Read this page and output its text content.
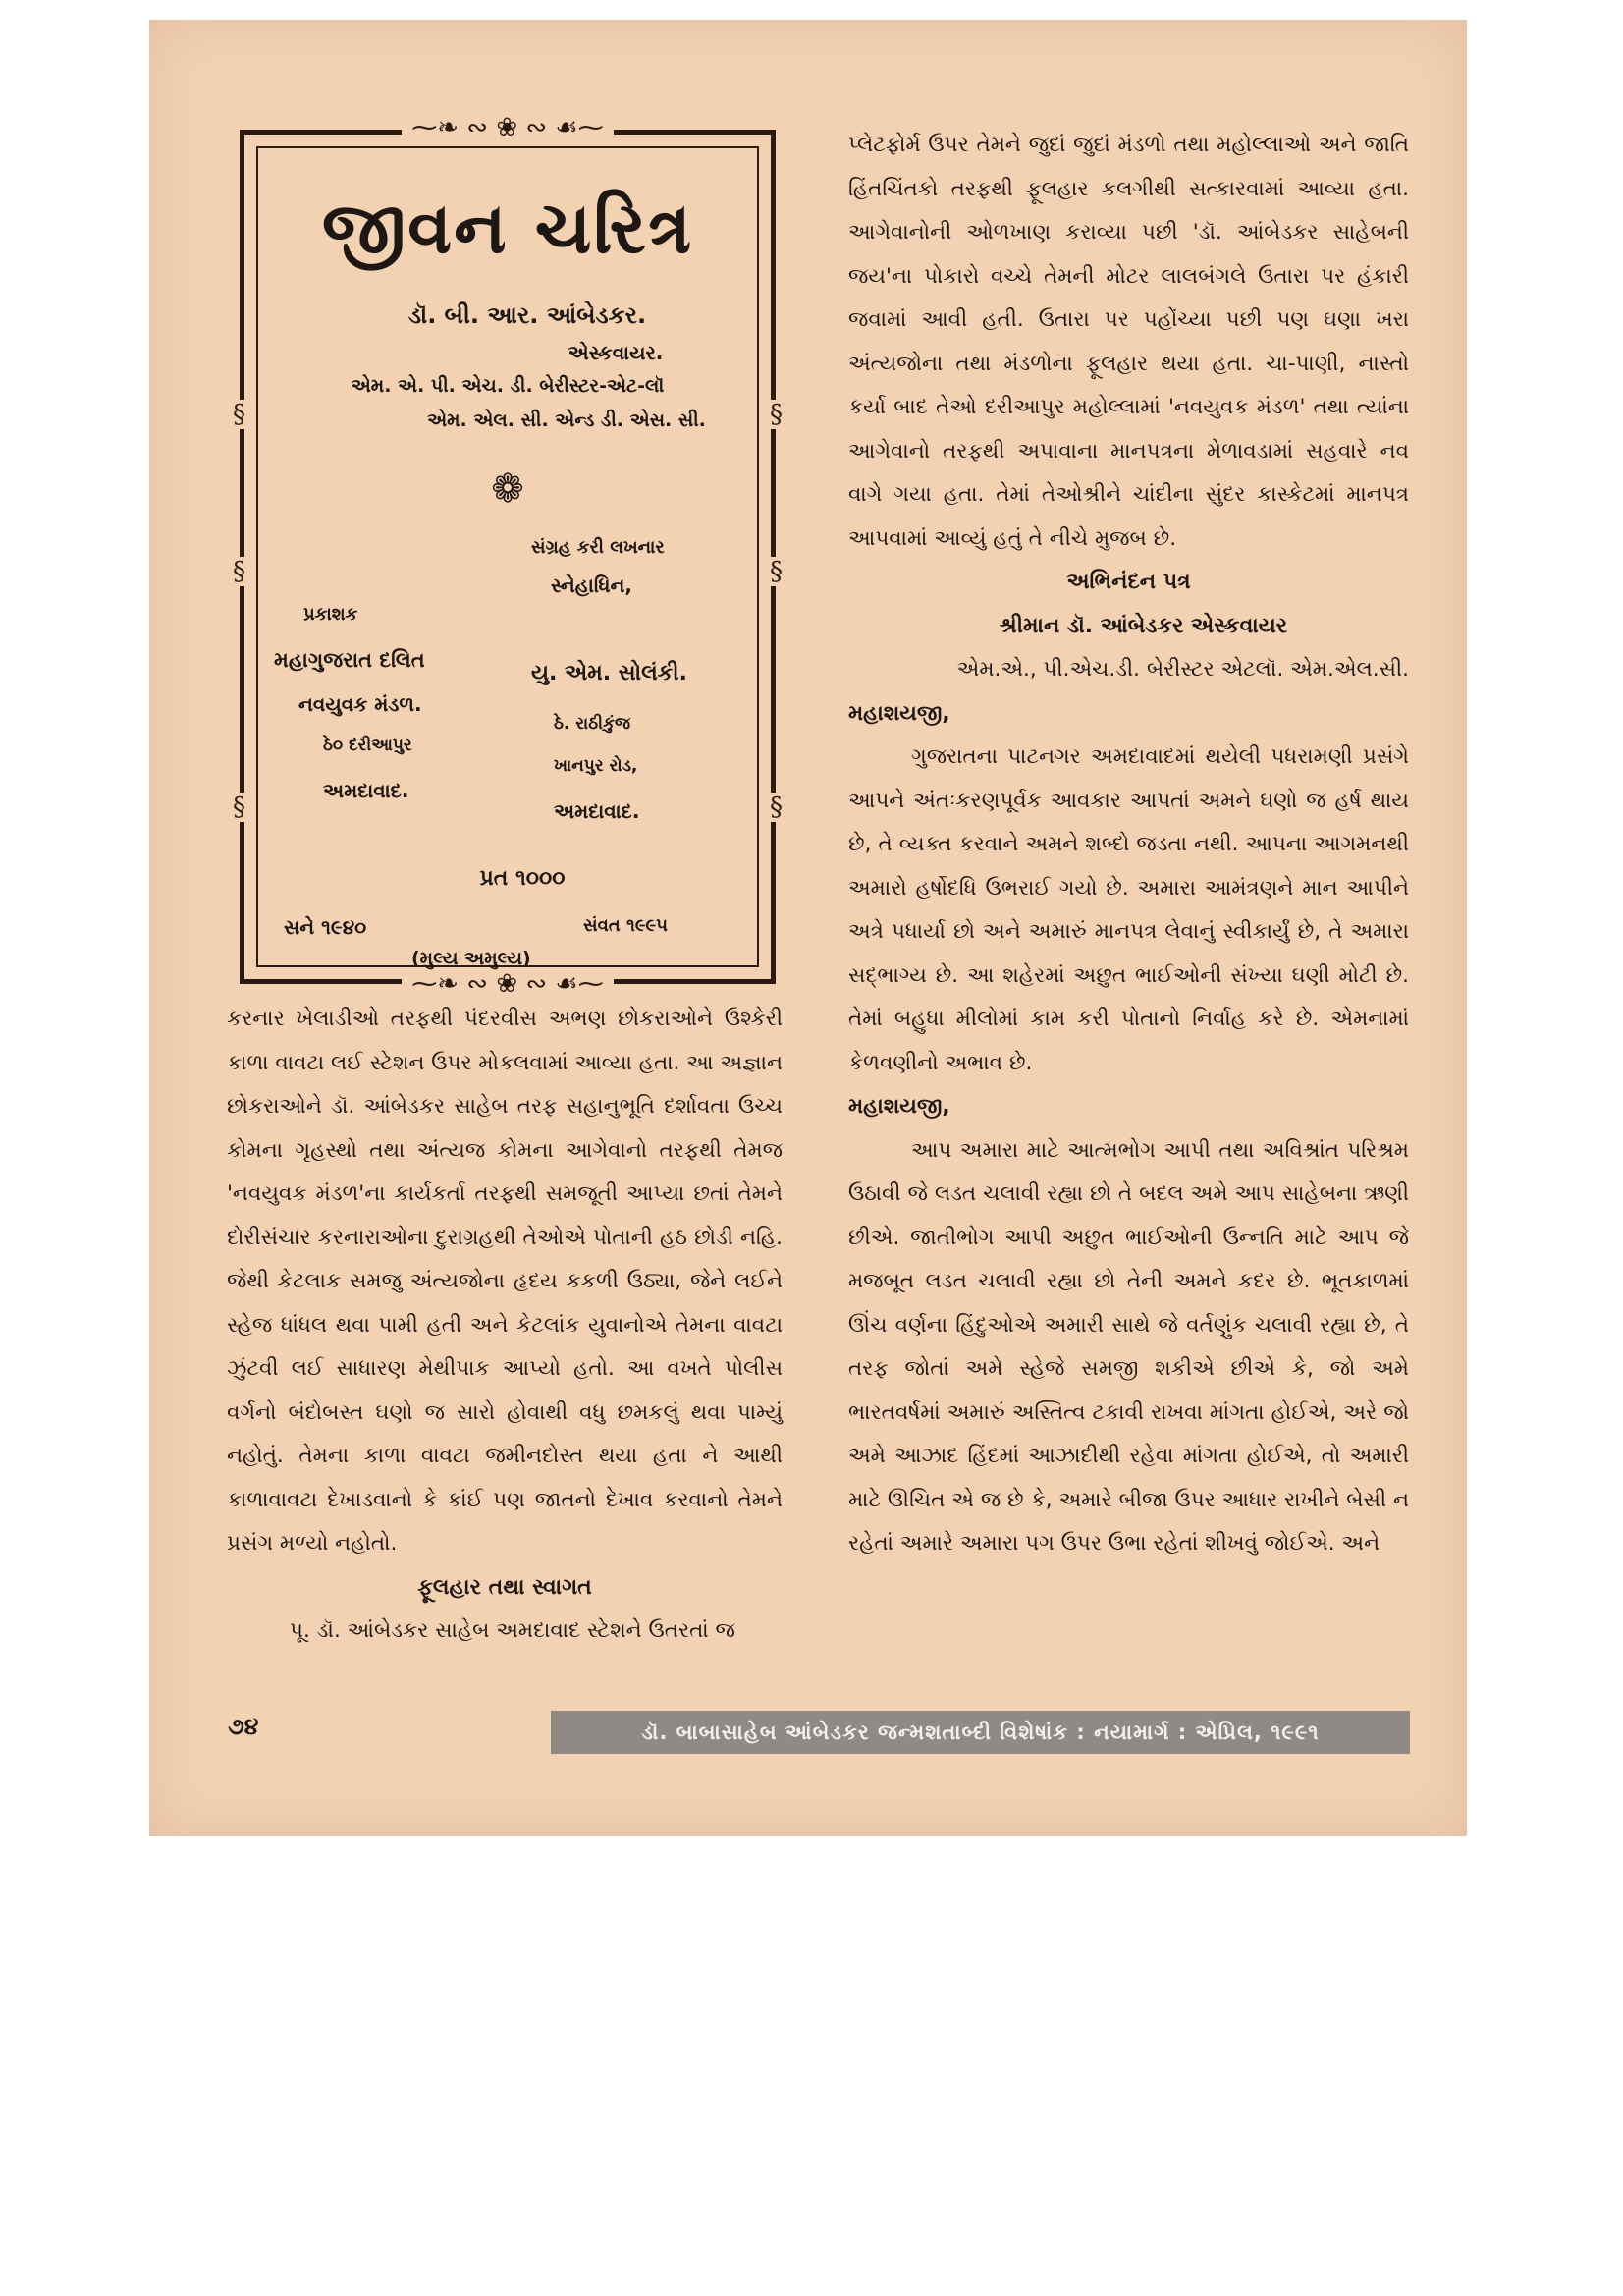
⁓❧ ∾ ❀ ∾ ☙⁓
⁓❧ ∾ ❀ ∾ ☙⁓
§	§
§	§
§	§
જીવન ચરિત્ર
ડૉ. બી. આર. આંબેડકર.
એસ્કવાયર.
એમ. એ. પી. એચ. ડી. બેરીસ્ટર-એટ-લૉ
એમ. એલ. સી. એન્ડ ડી. એસ. સી.
❁
સંગ્રહ કરી લખનાર
પ્રકાશક
સ્નેહાધિન,
મહાગુજરાત દલિત
યુ. એમ. સોલંકી.
નવયુવક મંડળ.
ઠે. રાઠીકુંજ
ઠે૦ દરીઆપુર
ખાનપુર રોડ,
અમદાવાદ.
અમદાવાદ.
પ્રત ૧૦૦૦
સને ૧૯૪૦	સંવત ૧૯૯૫
(મુલ્ય અમુલ્ય)

કરનાર ખેલાડીઓ તરફથી પંદરવીસ અભણ છોકરાઓને ઉશ્કેરી કાળા વાવટા લઈ સ્ટેશન ઉપર મોકલવામાં આવ્યા હતા. આ અજ્ઞાન છોકરાઓને ડૉ. આંબેડકર સાહેબ તરફ સહાનુભૂતિ દર્શાવતા ઉચ્ચ કોમના ગૃહસ્થો તથા અંત્યજ કોમના આગેવાનો તરફથી તેમજ 'નવયુવક મંડળ'ના કાર્યકર્તા તરફથી સમજૂતી આપ્યા છતાં તેમને દોરીસંચાર કરનારાઓના દુરાગ્રહથી તેઓએ પોતાની હઠ છોડી નહિ. જેથી કેટલાક સમજુ અંત્યજોના હૃદય કકળી ઉઠ્યા, જેને લઈને સ્હેજ ધાંધલ થવા પામી હતી અને કેટલાંક યુવાનોએ તેમના વાવટા ઝુંટવી લઈ સાધારણ મેથીપાક આપ્યો હતો. આ વખતે પોલીસ વર્ગનો બંદોબસ્ત ઘણો જ સારો હોવાથી વધુ છમકલું થવા પામ્યું નહોતું. તેમના કાળા વાવટા જમીનદોસ્ત થયા હતા ને આથી કાળાવાવટા દેખાડવાનો કે કાંઈ પણ જાતનો દેખાવ કરવાનો તેમને પ્રસંગ મળ્યો નહોતો.

ફૂલહાર તથા સ્વાગત

પૂ. ડૉ. આંબેડકર સાહેબ અમદાવાદ સ્ટેશને ઉતરતાં જ

પ્લેટફોર્મ ઉપર તેમને જુદાં જુદાં મંડળો તથા મહોલ્લાઓ અને જાતિ હિંતચિંતકો તરફથી ફૂલહાર કલગીથી સત્કારવામાં આવ્યા હતા. આગેવાનોની ઓળખાણ કરાવ્યા પછી 'ડૉ. આંબેડકર સાહેબની જય'ના પોકારો વચ્ચે તેમની મોટર લાલબંગલે ઉતારા પર હંકારી જવામાં આવી હતી. ઉતારા પર પહોંચ્યા પછી પણ ઘણા ખરા અંત્યજોના તથા મંડળોના ફૂલહાર થયા હતા. ચા-પાણી, નાસ્તો કર્યા બાદ તેઓ દરીઆપુર મહોલ્લામાં 'નવયુવક મંડળ' તથા ત્યાંના આગેવાનો તરફથી અપાવાના માનપત્રના મેળાવડામાં સહવારે નવ વાગે ગયા હતા. તેમાં તેઓશ્રીને ચાંદીના સુંદર કાસ્કેટમાં માનપત્ર આપવામાં આવ્યું હતું તે નીચે મુજબ છે.

અભિનંદન પત્ર

શ્રીમાન ડૉ. આંબેડકર એસ્કવાયર

એમ.એ., પી.એચ.ડી. બેરીસ્ટર એટલૉ. એમ.એલ.સી.

મહાશયજી,

ગુજરાતના પાટનગર અમદાવાદમાં થયેલી પધરામણી પ્રસંગે આપને અંતઃકરણપૂર્વક આવકાર આપતાં અમને ઘણો જ હર્ષ થાય છે, તે વ્યક્ત કરવાને અમને શબ્દો જડતા નથી. આપના આગમનથી અમારો હર્ષોદધિ ઉભરાઈ ગયો છે. અમારા આમંત્રણને માન આપીને અત્રે પધાર્યા છો અને અમારું માનપત્ર લેવાનું સ્વીકાર્યું છે, તે અમારા સદ્ભાગ્ય છે. આ શહેરમાં અછુત ભાઈઓની સંખ્યા ઘણી મોટી છે. તેમાં બહુધા મીલોમાં કામ કરી પોતાનો નિર્વાહ કરે છે. એમનામાં કેળવણીનો અભાવ છે.

મહાશયજી,

આપ અમારા માટે આત્મભોગ આપી તથા અવિશ્રાંત પરિશ્રમ ઉઠાવી જે લડત ચલાવી રહ્યા છો તે બદલ અમે આપ સાહેબના ઋણી છીએ. જાતીભોગ આપી અછુત ભાઈઓની ઉન્નતિ માટે આપ જે મજબૂત લડત ચલાવી રહ્યા છો તેની અમને કદર છે. ભૂતકાળમાં ઊંચ વર્ણના હિંદુઓએ અમારી સાથે જે વર્તણુંક ચલાવી રહ્યા છે, તે તરફ જોતાં અમે સ્હેજે સમજી શકીએ છીએ કે, જો અમે ભારતવર્ષમાં અમારું અસ્તિત્વ ટકાવી રાખવા માંગતા હોઈએ, અરે જો અમે આઝાદ હિંદમાં આઝાદીથી રહેવા માંગતા હોઈએ, તો અમારી માટે ઊચિત એ જ છે કે, અમારે બીજા ઉપર આધાર રાખીને બેસી ન રહેતાં અમારે અમારા પગ ઉપર ઉભા રહેતાં શીખવું જોઈએ. અને

૭૪	ડૉ. બાબાસાહેબ આંબેડકર જન્મશતાબ્દી વિશેષાંક : નયામાર્ગ : એપ્રિલ, ૧૯૯૧
